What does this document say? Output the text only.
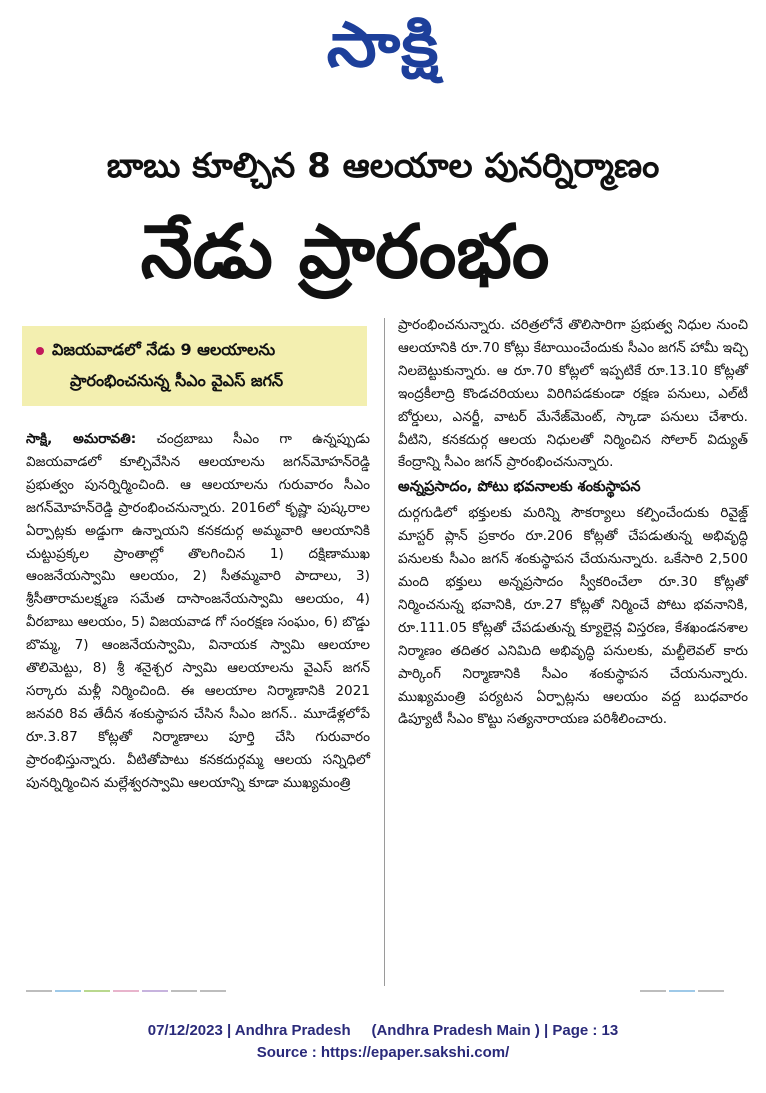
సాక్షి
బాబు కూల్చిన 8 ఆలయాల పునర్నిర్మాణం
నేడు ప్రారంభం
విజయవాడలో నేడు 9 ఆలయాలను
ప్రారంభించనున్న సీఎం వైఎస్ జగన్

సాక్షి, అమరావతి: చంద్రబాబు సీఎం గా ఉన్నప్పుడు విజయవాడలో కూల్చివేసిన ఆలయాలను జగన్‌మోహన్‌రెడ్డి ప్రభుత్వం పునర్నిర్మించింది. ఆ ఆలయాలను గురువారం సీఎం జగన్‌మోహన్‌రెడ్డి ప్రారంభించనున్నారు. 2016లో కృష్ణా పుష్కరాల ఏర్పాట్లకు అడ్డుగా ఉన్నాయని కనకదుర్గ అమ్మవారి ఆలయానికి చుట్టుప్రక్కల ప్రాంతాల్లో తొలగించిన 1) దక్షిణాముఖ ఆంజనేయస్వామి ఆలయం, 2) సీతమ్మవారి పాదాలు, 3) శ్రీసీతారామలక్ష్మణ సమేత దాసాంజనేయస్వామి ఆలయం, 4) వీరబాబు ఆలయం, 5) విజయవాడ గో సంరక్షణ సంఘం, 6) బొడ్డు బొమ్మ, 7) ఆంజనేయస్వామి, వినాయక స్వామి ఆలయాల తొలిమెట్టు, 8) శ్రీ శనైశ్చర స్వామి ఆలయాలను వైఎస్ జగన్ సర్కారు మళ్లీ నిర్మించింది. ఈ ఆలయాల నిర్మాణానికి 2021 జనవరి 8వ తేదీన శంకుస్థాపన చేసిన సీఎం జగన్.. మూడేళ్లలోపే రూ.3.87 కోట్లతో నిర్మాణాలు పూర్తి చేసి గురువారం ప్రారంభిస్తున్నారు. వీటితోపాటు కనకదుర్గమ్మ ఆలయ సన్నిధిలో పునర్నిర్మించిన మల్లేశ్వరస్వామి ఆలయాన్ని కూడా ముఖ్యమంత్రి

ప్రారంభించనున్నారు. చరిత్రలోనే తొలిసారిగా ప్రభుత్వ నిధుల నుంచి ఆలయానికి రూ.70 కోట్లు కేటాయించేందుకు సీఎం జగన్ హామీ ఇచ్చి నిలబెట్టుకున్నారు. ఆ రూ.70 కోట్లలో ఇప్పటికే రూ.13.10 కోట్లతో ఇంద్రకీలాద్రి కొండచరియలు విరిగిపడకుండా రక్షణ పనులు, ఎల్‌టీ బోర్డులు, ఎనర్జీ, వాటర్ మేనేజ్‌మెంట్, స్కాడా పనులు చేశారు. వీటిని, కనకదుర్గ ఆలయ నిధులతో నిర్మించిన సోలార్ విద్యుత్ కేంద్రాన్ని సీఎం జగన్ ప్రారంభించనున్నారు.

అన్నప్రసాదం, పోటు భవనాలకు శంకుస్థాపన

దుర్గగుడిలో భక్తులకు మరిన్ని సౌకర్యాలు కల్పించేందుకు రివైజ్డ్ మాస్టర్ ప్లాన్ ప్రకారం రూ.206 కోట్లతో చేపడుతున్న అభివృద్ధి పనులకు సీఎం జగన్ శంకుస్థాపన చేయనున్నారు. ఒకేసారి 2,500 మంది భక్తులు అన్నప్రసాదం స్వీకరించేలా రూ.30 కోట్లతో నిర్మించనున్న భవానికి, రూ.27 కోట్లతో నిర్మించే పోటు భవనానికి, రూ.111.05 కోట్లతో చేపడుతున్న క్యూలైన్ల విస్తరణ, కేశఖండనశాల నిర్మాణం తదితర ఎనిమిది అభివృద్ధి పనులకు, మల్టీలెవల్ కారు పార్కింగ్ నిర్మాణానికి సీఎం శంకుస్థాపన చేయనున్నారు. ముఖ్యమంత్రి పర్యటన ఏర్పాట్లను ఆలయం వద్ద బుధవారం డిప్యూటీ సీఎం కొట్టు సత్యనారాయణ పరిశీలించారు.

07/12/2023 | Andhra Pradesh     (Andhra Pradesh Main ) | Page : 13
Source : https://epaper.sakshi.com/
